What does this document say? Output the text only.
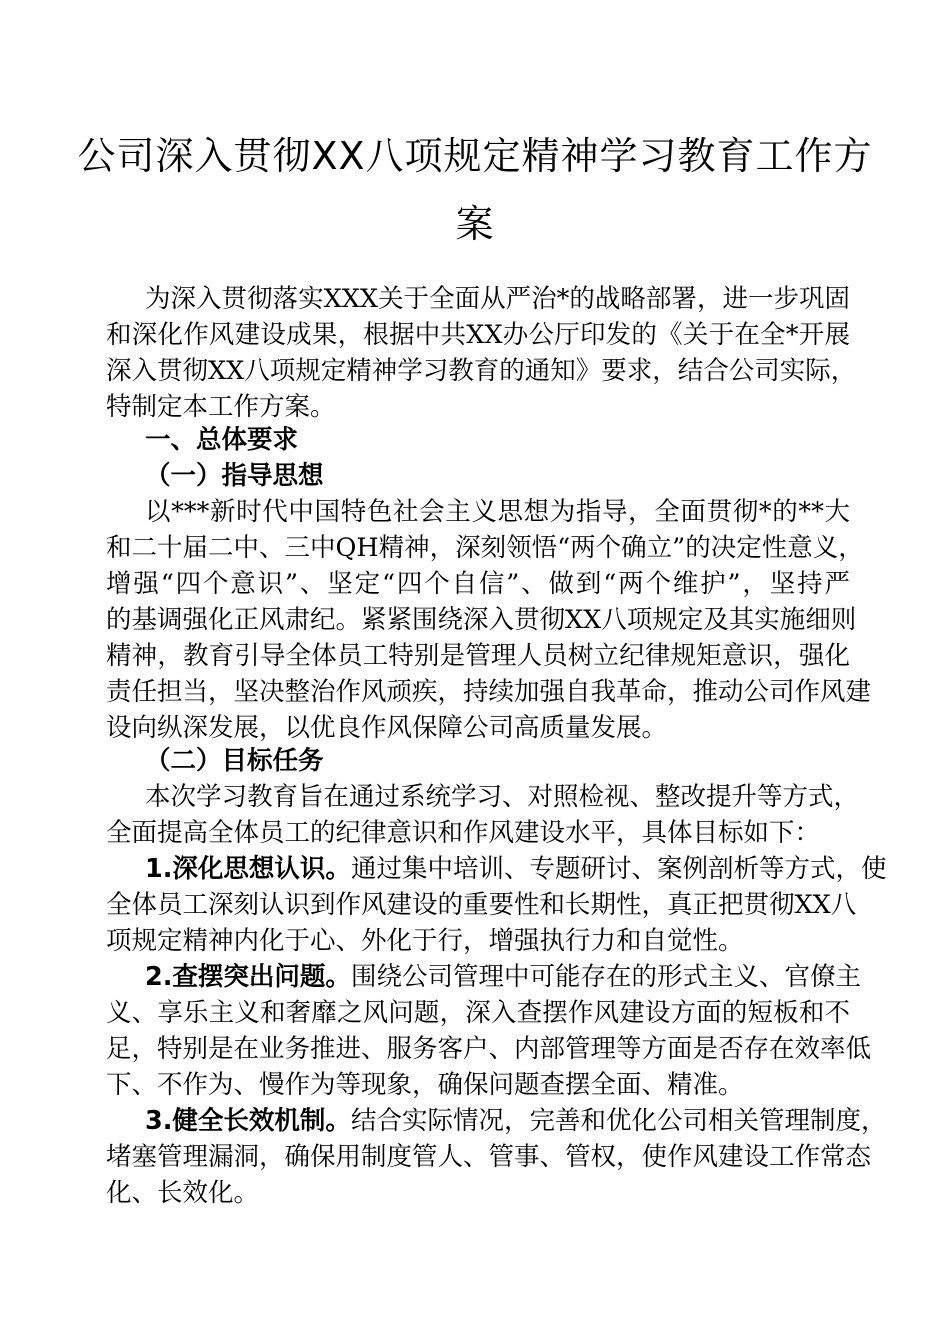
公司深入贯彻XX八项规定精神学习教育工作方
案
为深入贯彻落实XXX关于全面从严治*的战略部署，进一步巩固
和深化作风建设成果，根据中共XX办公厅印发的《关于在全*开展
深入贯彻XX八项规定精神学习教育的通知》要求，结合公司实际，
特制定本工作方案。
一、总体要求
（一）指导思想
以***新时代中国特色社会主义思想为指导，全面贯彻*的**大
和二十届二中、三中QH精神，深刻领悟“两个确立”的决定性意义，
增强“四个意识”、坚定“四个自信”、做到“两个维护”，坚持严
的基调强化正风肃纪。紧紧围绕深入贯彻XX八项规定及其实施细则
精神，教育引导全体员工特别是管理人员树立纪律规矩意识，强化
责任担当，坚决整治作风顽疾，持续加强自我革命，推动公司作风建
设向纵深发展，以优良作风保障公司高质量发展。
（二）目标任务
本次学习教育旨在通过系统学习、对照检视、整改提升等方式，
全面提高全体员工的纪律意识和作风建设水平，具体目标如下：
1.深化思想认识。通过集中培训、专题研讨、案例剖析等方式，使
全体员工深刻认识到作风建设的重要性和长期性，真正把贯彻XX八
项规定精神内化于心、外化于行，增强执行力和自觉性。
2.查摆突出问题。围绕公司管理中可能存在的形式主义、官僚主
义、享乐主义和奢靡之风问题，深入查摆作风建设方面的短板和不
足，特别是在业务推进、服务客户、内部管理等方面是否存在效率低
下、不作为、慢作为等现象，确保问题查摆全面、精准。
3.健全长效机制。结合实际情况，完善和优化公司相关管理制度，
堵塞管理漏洞，确保用制度管人、管事、管权，使作风建设工作常态
化、长效化。
